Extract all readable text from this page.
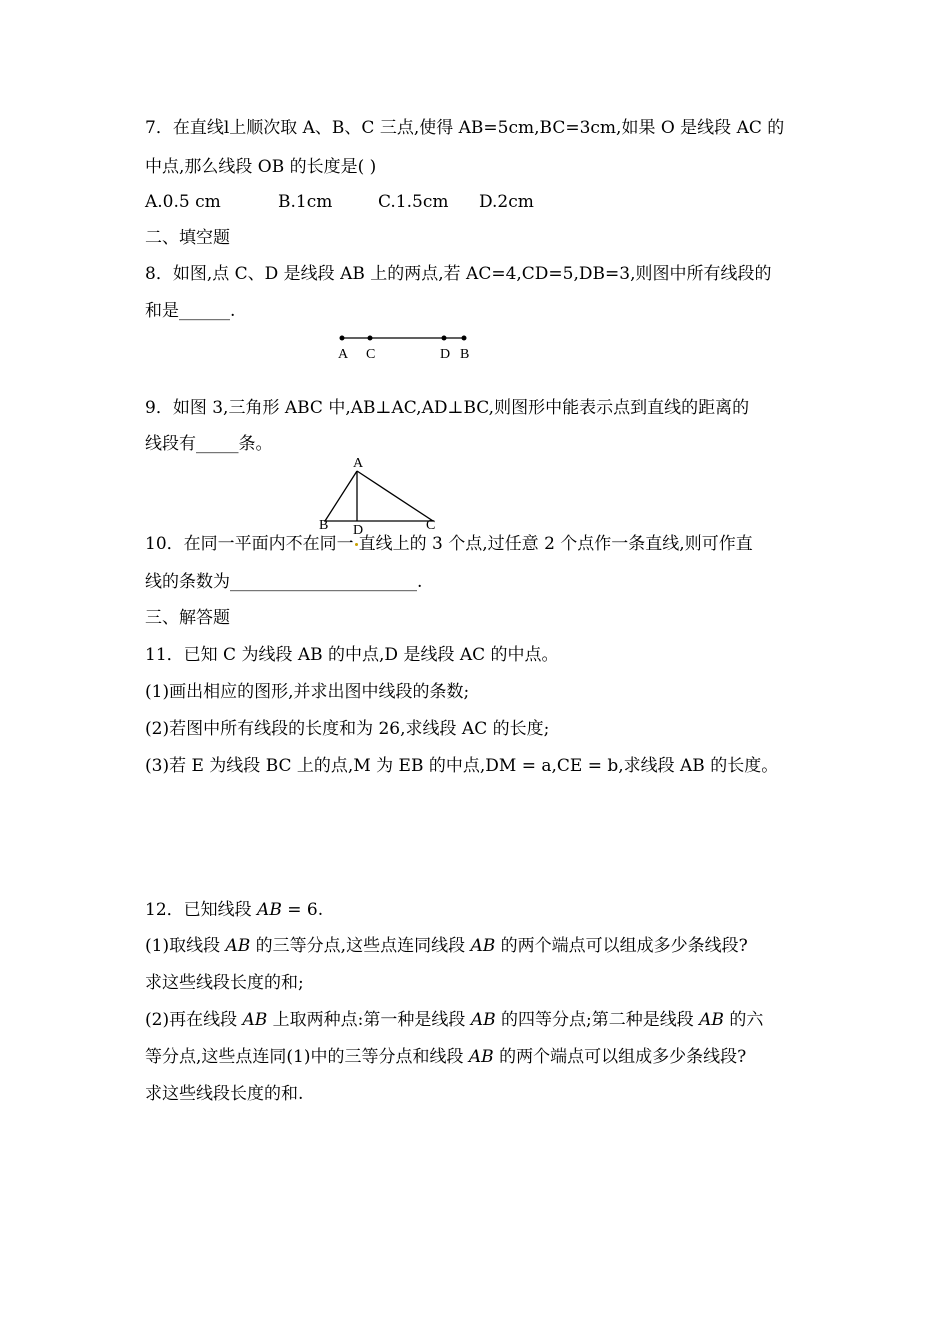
7．在直线l上顺次取 A、B、C 三点,使得 AB=5cm,BC=3cm,如果 O 是线段 AC 的
中点,那么线段 OB 的长度是( )
A.0.5 cm	B.1cm	C.1.5cm D.2cm
二、填空题
8．如图,点 C、D 是线段 AB 上的两点,若 AC=4,CD=5,DB=3,则图中所有线段的
和是______.
A C	D B
9．如图 3,三角形 ABC 中,AB⊥AC,AD⊥BC,则图形中能表示点到直线的距离的
线段有_____条。
A
B D	C
10．在同一平面内不在同一 直线上的 3 个点,过任意 2 个点作一条直线,则可作直
线的条数为______________________.
三、解答题
11．已知 C 为线段 AB 的中点,D 是线段 AC 的中点。
(1)画出相应的图形,并求出图中线段的条数;
(2)若图中所有线段的长度和为 26,求线段 AC 的长度;
(3)若 E 为线段 BC 上的点,M 为 EB 的中点,DM = a,CE = b,求线段 AB 的长度。
12．已知线段 AB = 6.
(1)取线段 AB 的三等分点,这些点连同线段 AB 的两个端点可以组成多少条线段?
求这些线段长度的和;
(2)再在线段 AB 上取两种点:第一种是线段 AB 的四等分点;第二种是线段 AB 的六
等分点,这些点连同(1)中的三等分点和线段 AB 的两个端点可以组成多少条线段?
求这些线段长度的和.
